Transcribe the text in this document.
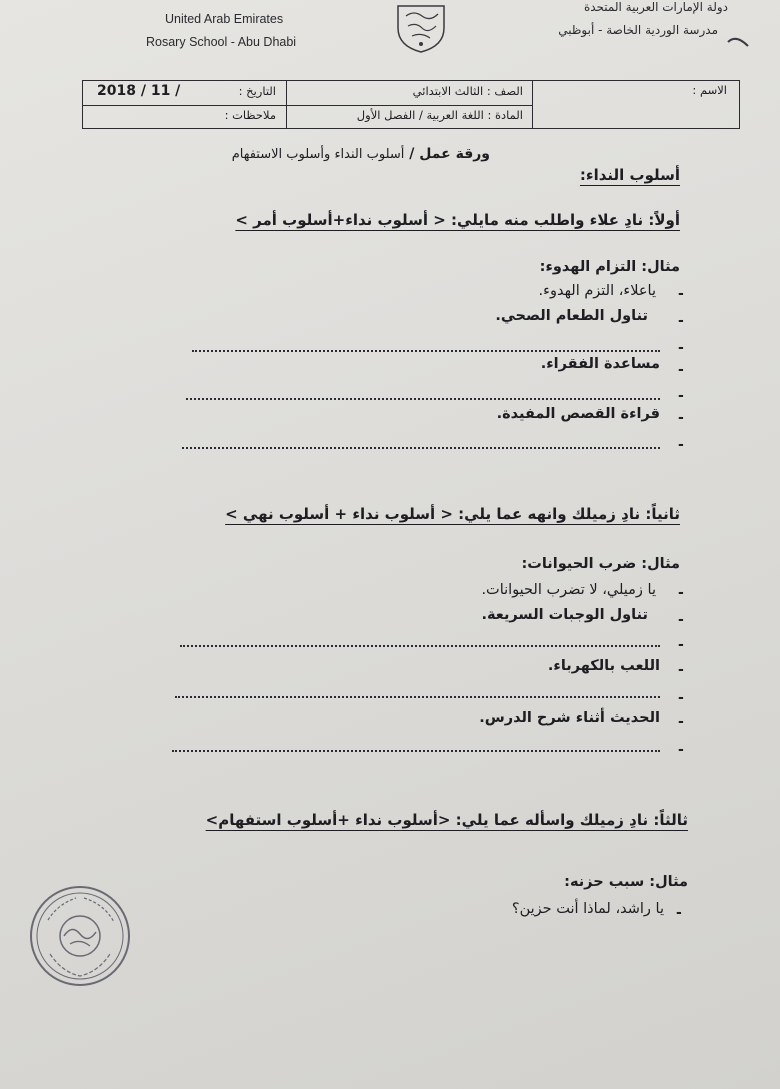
United Arab Emirates
Rosary School - Abu Dhabi
دولة الإمارات العربية المتحدة
مدرسة الوردية الخاصة - أبوظبي
الاسم :
الصف : الثالث الابتدائي
التاريخ :
2018 / 11 /
المادة : اللغة العربية / الفصل الأول
ملاحظات :
ورقة عمل / أسلوب النداء وأسلوب الاستفهام
أسلوب النداء:
أولاً: نادِ علاء واطلب منه مايلي: < أسلوب نداء+أسلوب أمر >
مثال: التزام الهدوء:
-
ياعلاء، التزم الهدوء.
-
تناول الطعام الصحي.
-
-
مساعدة الفقراء.
-
-
قراءة القصص المفيدة.
-
ثانياً: نادِ زميلك وانهه عما يلي: < أسلوب نداء + أسلوب نهي >
مثال: ضرب الحيوانات:
-
يا زميلي، لا تضرب الحيوانات.
-
تناول الوجبات السريعة.
-
-
اللعب بالكهرباء.
-
-
الحديث أثناء شرح الدرس.
-
ثالثاً: نادِ زميلك واسأله عما يلي: <أسلوب نداء +أسلوب استفهام>
مثال: سبب حزنه:
-
يا راشد، لماذا أنت حزين؟
